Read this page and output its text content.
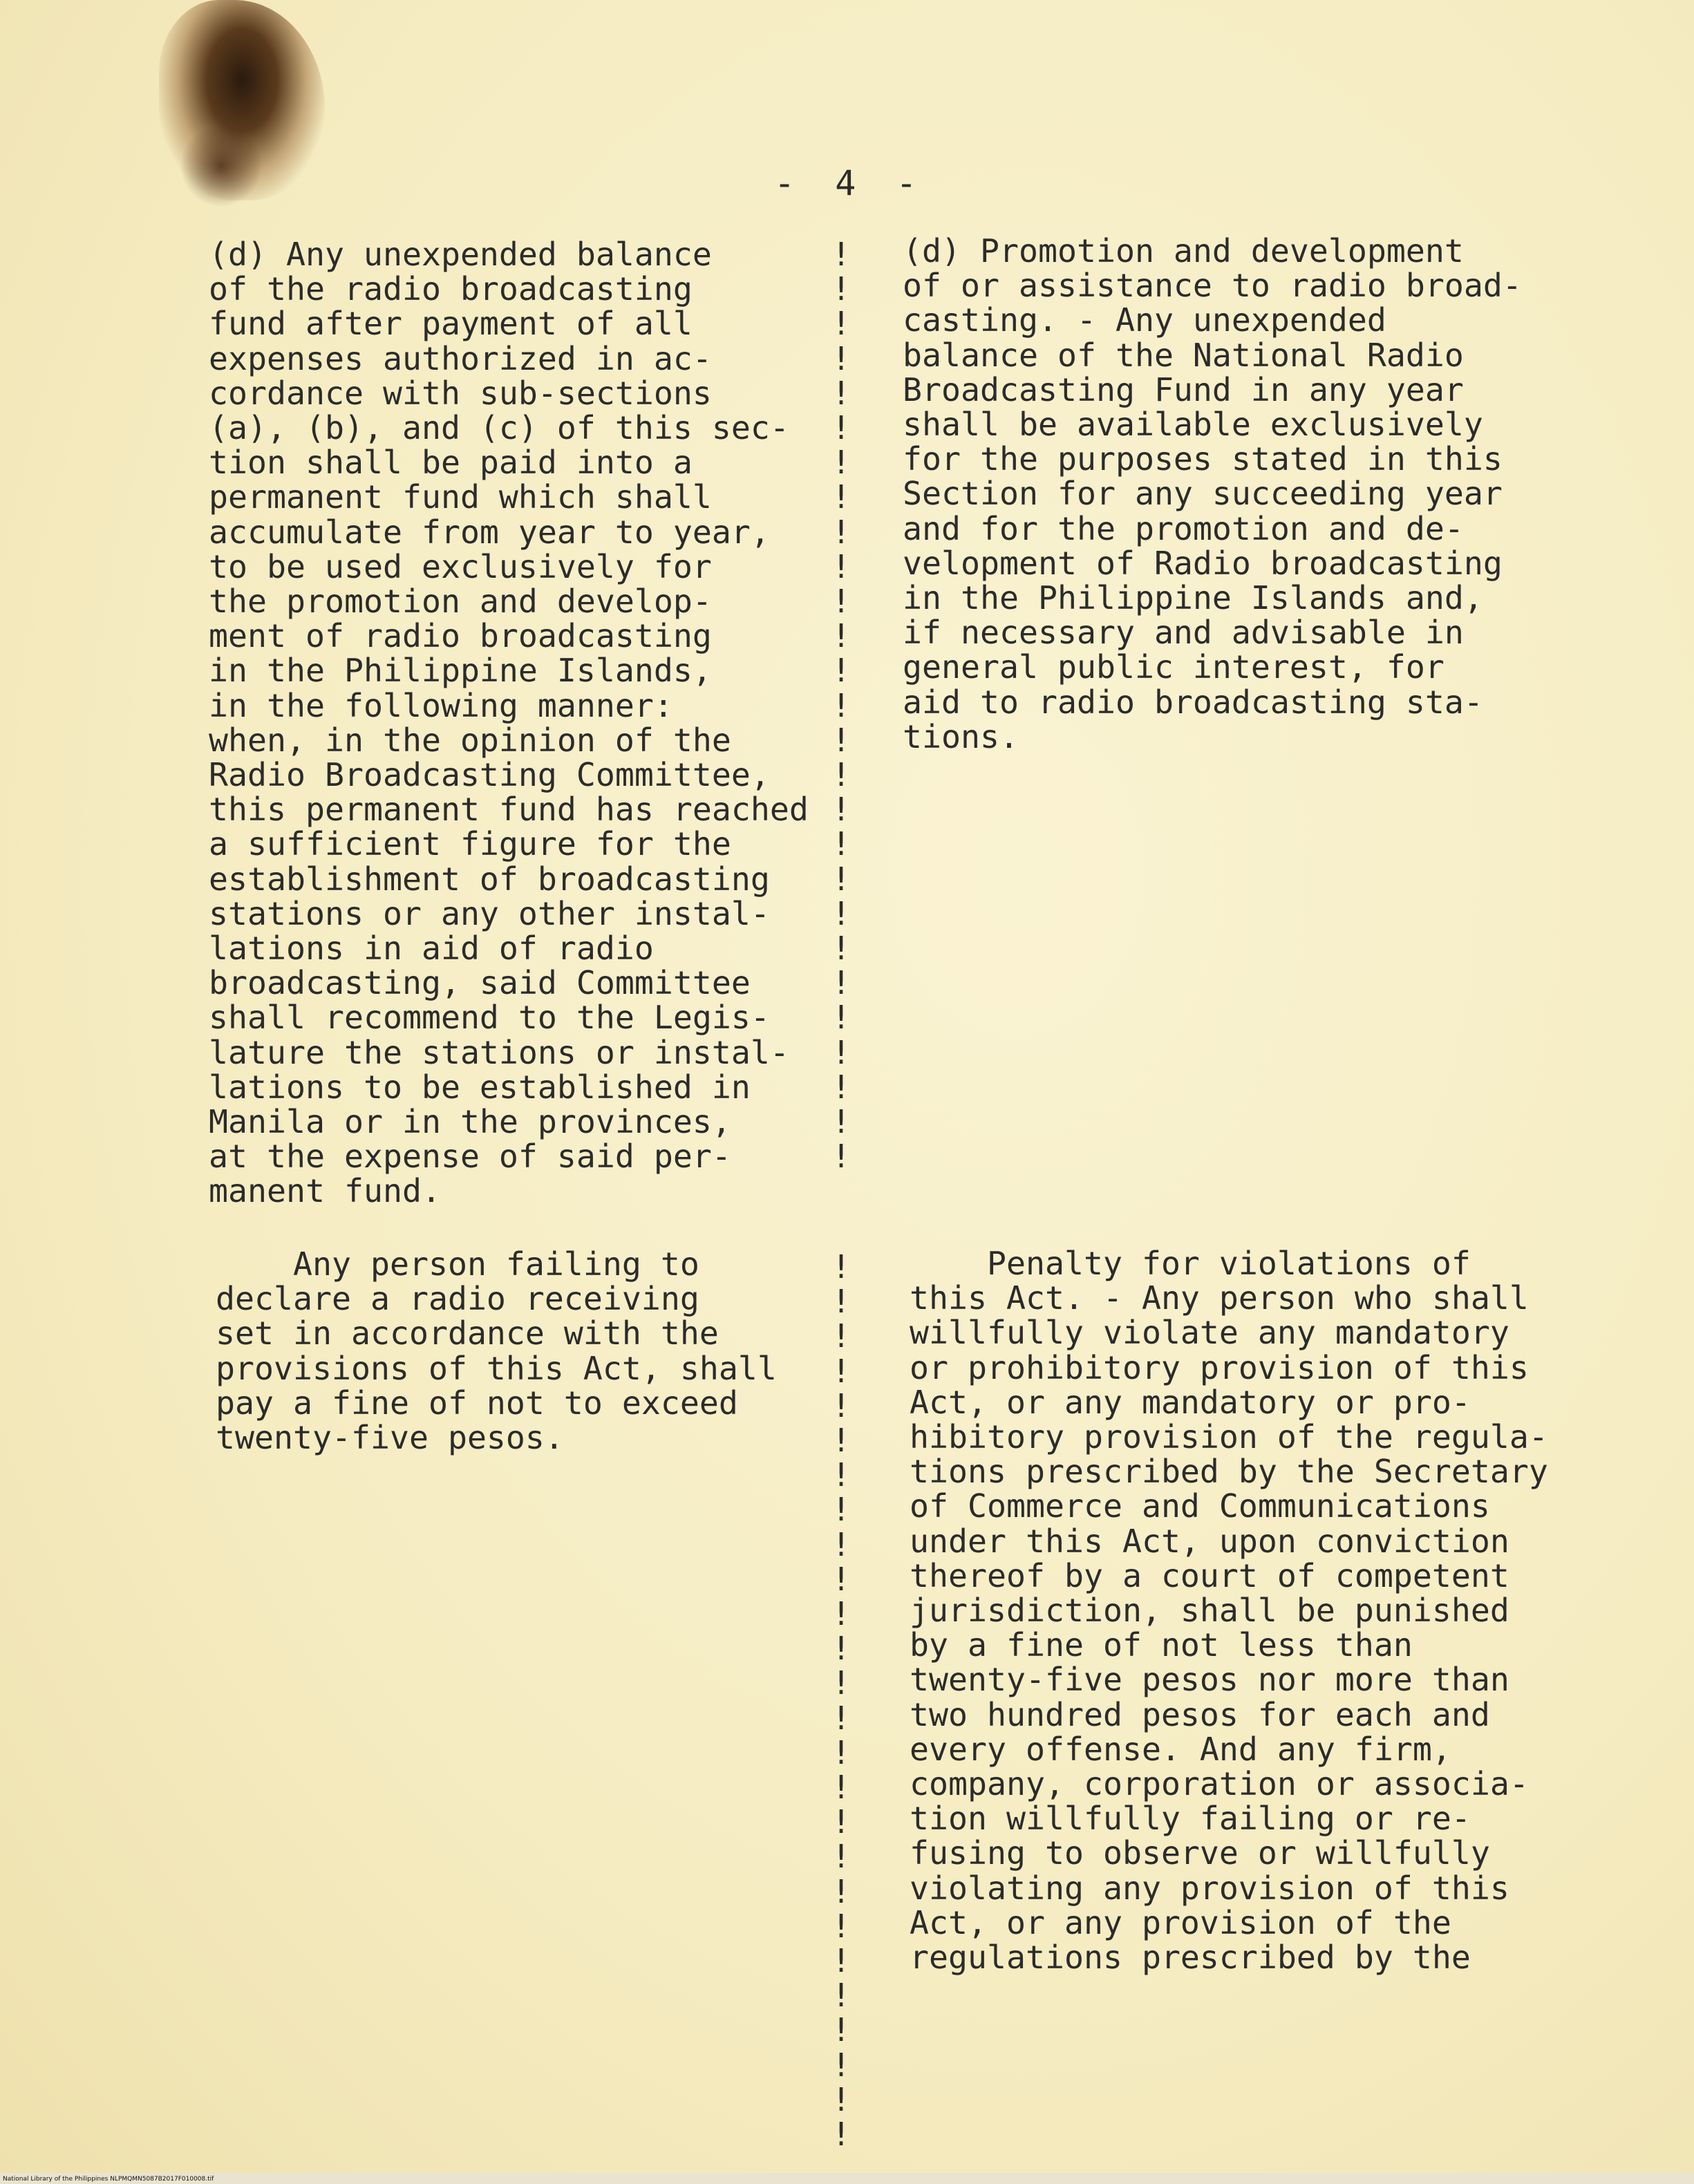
- 4 -
(d) Any unexpended balance
of the radio broadcasting
fund after payment of all
expenses authorized in ac-
cordance with sub-sections
(a), (b), and (c) of this sec-
tion shall be paid into a
permanent fund which shall
accumulate from year to year,
to be used exclusively for
the promotion and develop-
ment of radio broadcasting
in the Philippine Islands,
in the following manner:
when, in the opinion of the
Radio Broadcasting Committee,
this permanent fund has reached
a sufficient figure for the
establishment of broadcasting
stations or any other instal-
lations in aid of radio
broadcasting, said Committee
shall recommend to the Legis-
lature the stations or instal-
lations to be established in
Manila or in the provinces,
at the expense of said per-
manent fund.
!
!
!
!
!
!
!
!
!
!
!
!
!
!
!
!
!
!
!
!
!
!
!
!
!
!
!
(d) Promotion and development
of or assistance to radio broad-
casting. - Any unexpended
balance of the National Radio
Broadcasting Fund in any year
shall be available exclusively
for the purposes stated in this
Section for any succeeding year
and for the promotion and de-
velopment of Radio broadcasting
in the Philippine Islands and,
if necessary and advisable in
general public interest, for
aid to radio broadcasting sta-
tions.
Any person failing to
declare a radio receiving
set in accordance with the
provisions of this Act, shall
pay a fine of not to exceed
twenty-five pesos.
!
!
!
!
!
!
!
!
!
!
!
!
!
!
!
!
!
!
!
!
!
!
!
!
!
!
Penalty for violations of
this Act. - Any person who shall
willfully violate any mandatory
or prohibitory provision of this
Act, or any mandatory or pro-
hibitory provision of the regula-
tions prescribed by the Secretary
of Commerce and Communications
under this Act, upon conviction
thereof by a court of competent
jurisdiction, shall be punished
by a fine of not less than
twenty-five pesos nor more than
two hundred pesos for each and
every offense. And any firm,
company, corporation or associa-
tion willfully failing or re-
fusing to observe or willfully
violating any provision of this
Act, or any provision of the
regulations prescribed by the
National Library of the Philippines NLPMQMN5087B2017F010008.tif
